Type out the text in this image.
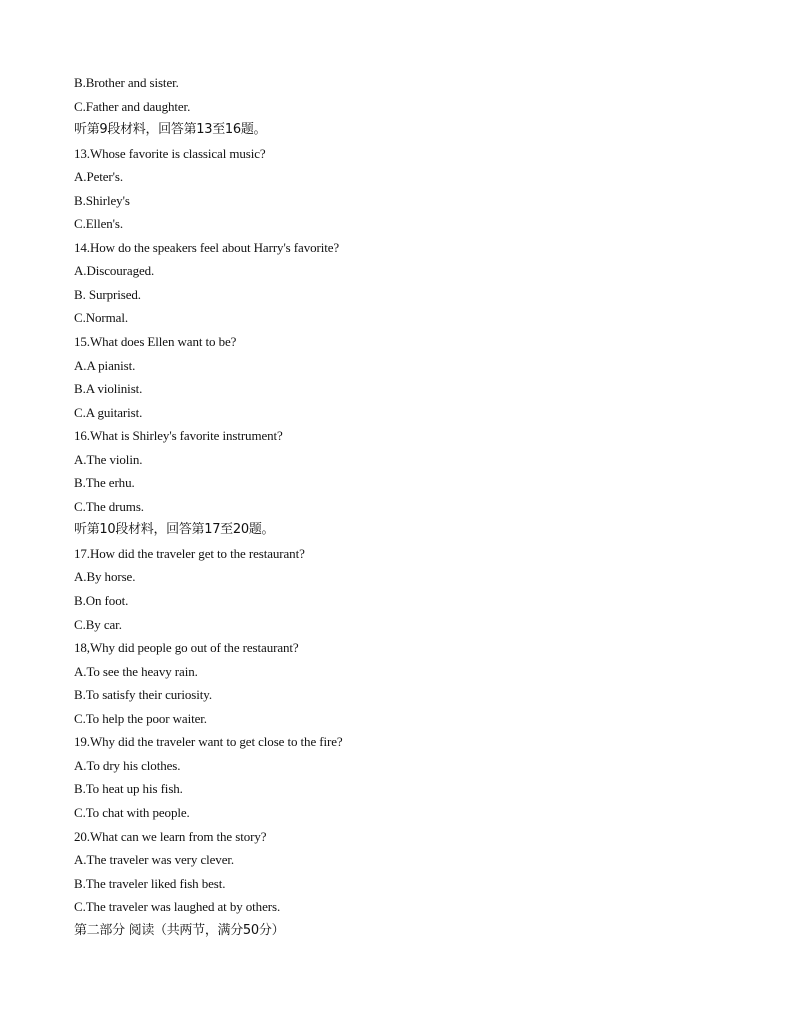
B.Brother and sister.
C.Father and daughter.
听第9段材料，回答第13至16题。
13.Whose favorite is classical music?
A.Peter's.
B.Shirley's
C.Ellen's.
14.How do the speakers feel about Harry's favorite?
A.Discouraged.
B. Surprised.
C.Normal.
15.What does Ellen want to be?
A.A pianist.
B.A violinist.
C.A guitarist.
16.What is Shirley's favorite instrument?
A.The violin.
B.The erhu.
C.The drums.
听第10段材料，回答第17至20题。
17.How did the traveler get to the restaurant?
A.By horse.
B.On foot.
C.By car.
18,Why did people go out of the restaurant?
A.To see the heavy rain.
B.To satisfy their curiosity.
C.To help the poor waiter.
19.Why did the traveler want to get close to the fire?
A.To dry his clothes.
B.To heat up his fish.
C.To chat with people.
20.What can we learn from the story?
A.The traveler was very clever.
B.The traveler liked fish best.
C.The traveler was laughed at by others.
第二部分 阅读（共两节，满分50分）
